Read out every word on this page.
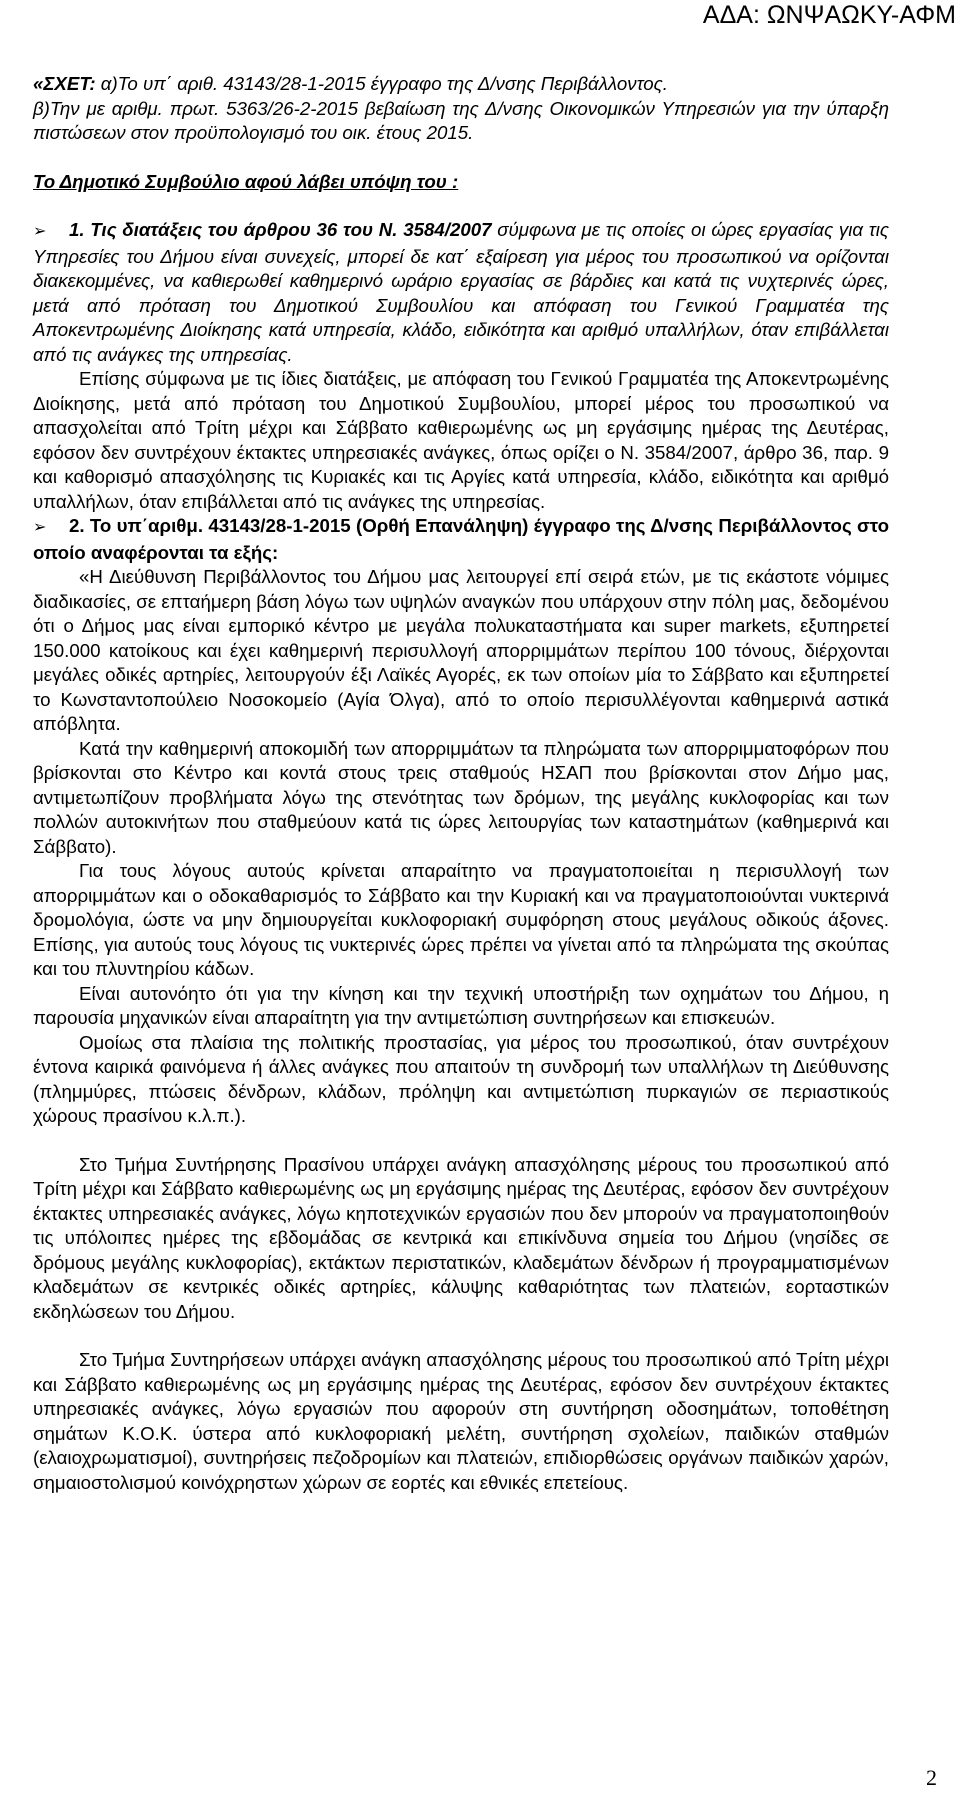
ΑΔΑ: ΩΝΨΑΩΚΥ-ΑΦΜ
«ΣΧΕΤ: α)Το υπ΄ αριθ. 43143/28-1-2015 έγγραφο της Δ/νσης Περιβάλλοντος.
β)Την με αριθμ. πρωτ. 5363/26-2-2015 βεβαίωση της Δ/νσης Οικονομικών Υπηρεσιών για την ύπαρξη πιστώσεων στον προϋπολογισμό του οικ. έτους 2015.

Το Δημοτικό Συμβούλιο αφού λάβει υπόψη του :

➢ 1. Τις διατάξεις του άρθρου 36 του Ν. 3584/2007 σύμφωνα με τις οποίες οι ώρες εργασίας για τις Υπηρεσίες του Δήμου είναι συνεχείς, μπορεί δε κατ΄ εξαίρεση για μέρος του προσωπικού να ορίζονται διακεκομμένες, να καθιερωθεί καθημερινό ωράριο εργασίας σε βάρδιες και κατά τις νυχτερινές ώρες, μετά από πρόταση του Δημοτικού Συμβουλίου και απόφαση του Γενικού Γραμματέα της Αποκεντρωμένης Διοίκησης κατά υπηρεσία, κλάδο, ειδικότητα και αριθμό υπαλλήλων, όταν επιβάλλεται από τις ανάγκες της υπηρεσίας.

Επίσης σύμφωνα με τις ίδιες διατάξεις, με απόφαση του Γενικού Γραμματέα της Αποκεντρωμένης Διοίκησης, μετά από πρόταση του Δημοτικού Συμβουλίου, μπορεί μέρος του προσωπικού να απασχολείται από Τρίτη μέχρι και Σάββατο καθιερωμένης ως μη εργάσιμης ημέρας της Δευτέρας, εφόσον δεν συντρέχουν έκτακτες υπηρεσιακές ανάγκες, όπως ορίζει ο Ν. 3584/2007, άρθρο 36, παρ. 9 και καθορισμό απασχόλησης τις Κυριακές και τις Αργίες κατά υπηρεσία, κλάδο, ειδικότητα και αριθμό υπαλλήλων, όταν επιβάλλεται από τις ανάγκες της υπηρεσίας.

➢ 2. Το υπ΄αριθμ. 43143/28-1-2015 (Ορθή Επανάληψη) έγγραφο της Δ/νσης Περιβάλλοντος στο οποίο αναφέρονται τα εξής:

«Η Διεύθυνση Περιβάλλοντος του Δήμου μας λειτουργεί επί σειρά ετών, με τις εκάστοτε νόμιμες διαδικασίες, σε επταήμερη βάση λόγω των υψηλών αναγκών που υπάρχουν στην πόλη μας, δεδομένου ότι ο Δήμος μας είναι εμπορικό κέντρο με μεγάλα πολυκαταστήματα και super markets, εξυπηρετεί 150.000 κατοίκους και έχει καθημερινή περισυλλογή απορριμμάτων περίπου 100 τόνους, διέρχονται μεγάλες οδικές αρτηρίες, λειτουργούν έξι Λαϊκές Αγορές, εκ των οποίων μία το Σάββατο και εξυπηρετεί το Κωνσταντοπούλειο Νοσοκομείο (Αγία Όλγα), από το οποίο περισυλλέγονται καθημερινά αστικά απόβλητα.

Κατά την καθημερινή αποκομιδή των απορριμμάτων τα πληρώματα των απορριμματοφόρων που βρίσκονται στο Κέντρο και κοντά στους τρεις σταθμούς ΗΣΑΠ που βρίσκονται στον Δήμο μας, αντιμετωπίζουν προβλήματα λόγω της στενότητας των δρόμων, της μεγάλης κυκλοφορίας και των πολλών αυτοκινήτων που σταθμεύουν κατά τις ώρες λειτουργίας των καταστημάτων (καθημερινά και Σάββατο).

Για τους λόγους αυτούς κρίνεται απαραίτητο να πραγματοποιείται η περισυλλογή των απορριμμάτων και ο οδοκαθαρισμός το Σάββατο και την Κυριακή και να πραγματοποιούνται νυκτερινά δρομολόγια, ώστε να μην δημιουργείται κυκλοφοριακή συμφόρηση στους μεγάλους οδικούς άξονες. Επίσης, για αυτούς τους λόγους τις νυκτερινές ώρες πρέπει να γίνεται από τα πληρώματα της σκούπας και του πλυντηρίου κάδων.

Είναι αυτονόητο ότι για την κίνηση και την τεχνική υποστήριξη των οχημάτων του Δήμου, η παρουσία μηχανικών είναι απαραίτητη για την αντιμετώπιση συντηρήσεων και επισκευών.

Ομοίως στα πλαίσια της πολιτικής προστασίας, για μέρος του προσωπικού, όταν συντρέχουν έντονα καιρικά φαινόμενα ή άλλες ανάγκες που απαιτούν τη συνδρομή των υπαλλήλων τη Διεύθυνσης (πλημμύρες, πτώσεις δένδρων, κλάδων, πρόληψη και αντιμετώπιση πυρκαγιών σε περιαστικούς χώρους πρασίνου κ.λ.π.).

Στο Τμήμα Συντήρησης Πρασίνου υπάρχει ανάγκη απασχόλησης μέρους του προσωπικού από Τρίτη μέχρι και Σάββατο καθιερωμένης ως μη εργάσιμης ημέρας της Δευτέρας, εφόσον δεν συντρέχουν έκτακτες υπηρεσιακές ανάγκες, λόγω κηποτεχνικών εργασιών που δεν μπορούν να πραγματοποιηθούν τις υπόλοιπες ημέρες της εβδομάδας σε κεντρικά και επικίνδυνα σημεία του Δήμου (νησίδες σε δρόμους μεγάλης κυκλοφορίας), εκτάκτων περιστατικών, κλαδεμάτων δένδρων ή προγραμματισμένων κλαδεμάτων σε κεντρικές οδικές αρτηρίες, κάλυψης καθαριότητας των πλατειών, εορταστικών εκδηλώσεων του Δήμου.

Στο Τμήμα Συντηρήσεων υπάρχει ανάγκη απασχόλησης μέρους του προσωπικού από Τρίτη μέχρι και Σάββατο καθιερωμένης ως μη εργάσιμης ημέρας της Δευτέρας, εφόσον δεν συντρέχουν έκτακτες υπηρεσιακές ανάγκες, λόγω εργασιών που αφορούν στη συντήρηση οδοσημάτων, τοποθέτηση σημάτων Κ.Ο.Κ. ύστερα από κυκλοφοριακή μελέτη, συντήρηση σχολείων, παιδικών σταθμών (ελαιοχρωματισμοί), συντηρήσεις πεζοδρομίων και πλατειών, επιδιορθώσεις οργάνων παιδικών χαρών, σημαιοστολισμού κοινόχρηστων χώρων σε εορτές και εθνικές επετείους.

2
